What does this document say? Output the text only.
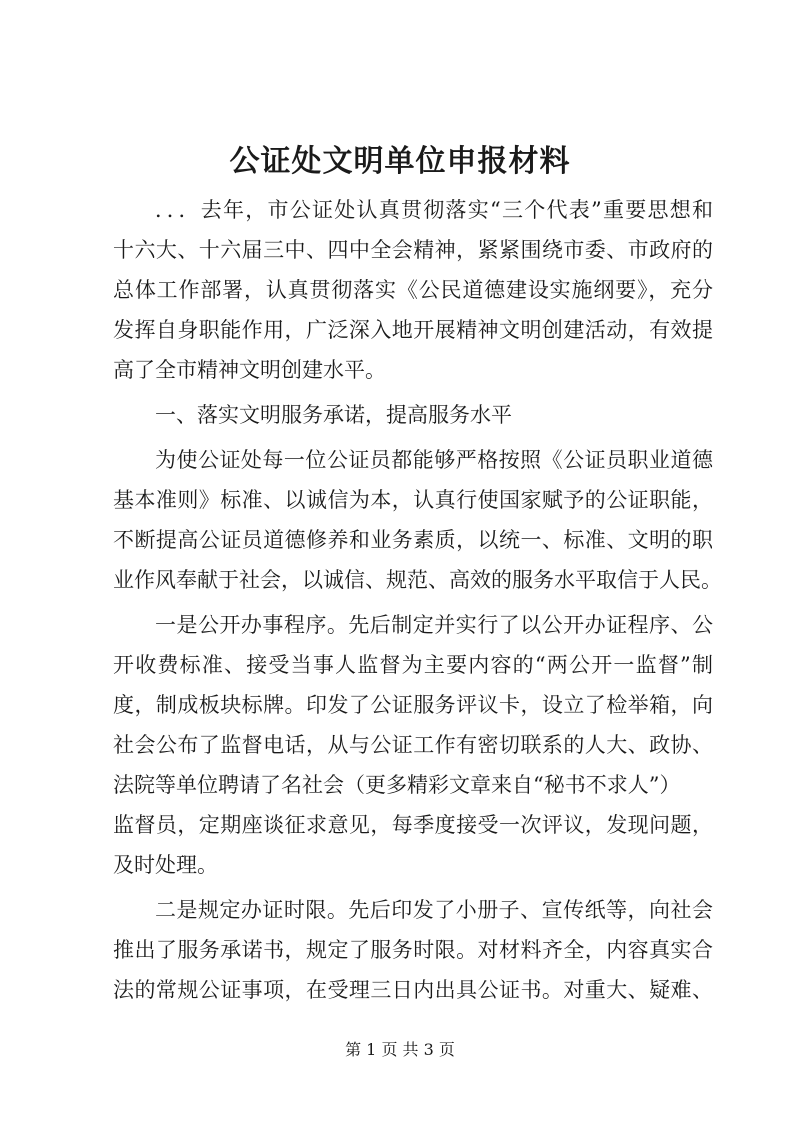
公证处文明单位申报材料
．．．去年，市公证处认真贯彻落实“三个代表”重要思想和
十六大、十六届三中、四中全会精神，紧紧围绕市委、市政府的
总体工作部署，认真贯彻落实《公民道德建设实施纲要》，充分
发挥自身职能作用，广泛深入地开展精神文明创建活动，有效提
高了全市精神文明创建水平。
一、落实文明服务承诺，提高服务水平
为使公证处每一位公证员都能够严格按照《公证员职业道德
基本准则》标准、以诚信为本，认真行使国家赋予的公证职能，
不断提高公证员道德修养和业务素质，以统一、标准、文明的职
业作风奉献于社会，以诚信、规范、高效的服务水平取信于人民。
一是公开办事程序。先后制定并实行了以公开办证程序、公
开收费标准、接受当事人监督为主要内容的“两公开一监督”制
度，制成板块标牌。印发了公证服务评议卡，设立了检举箱，向
社会公布了监督电话，从与公证工作有密切联系的人大、政协、
法院等单位聘请了名社会（更多精彩文章来自“秘书不求人”）
监督员，定期座谈征求意见，每季度接受一次评议，发现问题，
及时处理。
二是规定办证时限。先后印发了小册子、宣传纸等，向社会
推出了服务承诺书，规定了服务时限。对材料齐全，内容真实合
法的常规公证事项，在受理三日内出具公证书。对重大、疑难、
第 1 页 共 3 页
